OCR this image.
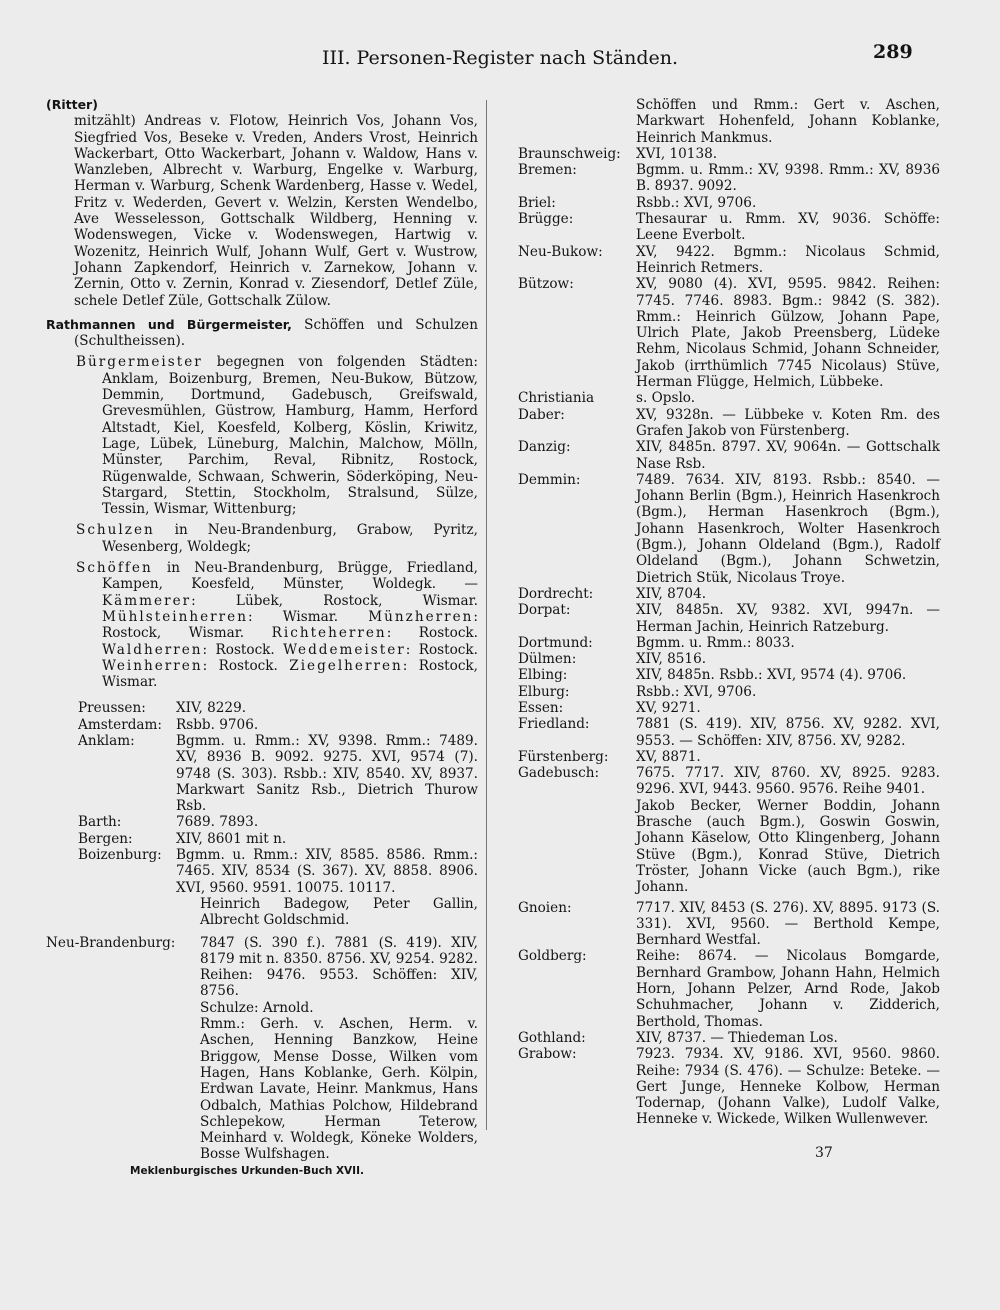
III. Personen-Register nach Ständen.	289
(Ritter)

mitzählt) Andreas v. Flotow, Heinrich Vos, Johann Vos, Siegfried Vos, Beseke v. Vreden, Anders Vrost, Heinrich Wackerbart, Otto Wackerbart, Johann v. Waldow, Hans v. Wanzleben, Albrecht v. Warburg, Engelke v. Warburg, Herman v. Warburg, Schenk Wardenberg, Hasse v. Wedel, Fritz v. Wederden, Gevert v. Welzin, Kersten Wendelbo, Ave Wesselesson, Gottschalk Wildberg, Henning v. Wodenswegen, Vicke v. Wodenswegen, Hartwig v. Wozenitz, Heinrich Wulf, Johann Wulf, Gert v. Wustrow, Johann Zapkendorf, Heinrich v. Zarnekow, Johann v. Zernin, Otto v. Zernin, Konrad v. Ziesendorf, Detlef Züle, schele Detlef Züle, Gottschalk Zülow.

Rathmannen und Bürgermeister, Schöffen und Schulzen (Schultheissen).

Bürgermeister begegnen von folgenden Städten: Anklam, Boizenburg, Bremen, Neu-Bukow, Bützow, Demmin, Dortmund, Gadebusch, Greifswald, Grevesmühlen, Güstrow, Hamburg, Hamm, Herford Altstadt, Kiel, Koesfeld, Kolberg, Köslin, Kriwitz, Lage, Lübek, Lüneburg, Malchin, Malchow, Mölln, Münster, Parchim, Reval, Ribnitz, Rostock, Rügenwalde, Schwaan, Schwerin, Söderköping, Neu-Stargard, Stettin, Stockholm, Stralsund, Sülze, Tessin, Wismar, Wittenburg;

Schulzen in Neu-Brandenburg, Grabow, Pyritz, Wesenberg, Woldegk;

Schöffen in Neu-Brandenburg, Brügge, Friedland, Kampen, Koesfeld, Münster, Woldegk. — Kämmerer: Lübek, Rostock, Wismar. Mühlsteinherren: Wismar. Münzherren: Rostock, Wismar. Richteherren: Rostock. Waldherren: Rostock. Weddemeister: Rostock. Weinherren: Rostock. Ziegelherren: Rostock, Wismar.

Preussen:	XIV, 8229.
Amsterdam:	Rsbb. 9706.
Anklam:	Bgmm. u. Rmm.: XV, 9398. Rmm.: 7489. XV, 8936 B. 9092. 9275. XVI, 9574 (7). 9748 (S. 303). Rsbb.: XIV, 8540. XV, 8937. Markwart Sanitz Rsb., Dietrich Thurow Rsb.
Barth:	7689. 7893.
Bergen:	XIV, 8601 mit n.
Boizenburg:	Bgmm. u. Rmm.: XIV, 8585. 8586. Rmm.: 7465. XIV, 8534 (S. 367). XV, 8858. 8906. XVI, 9560. 9591. 10075. 10117.
Heinrich Badegow, Peter Gallin, Albrecht Goldschmid.
Neu-Brandenburg:	7847 (S. 390 f.). 7881 (S. 419). XIV, 8179 mit n. 8350. 8756. XV, 9254. 9282. Reihen: 9476. 9553. Schöffen: XIV, 8756.
Schulze: Arnold.
Rmm.: Gerh. v. Aschen, Herm. v. Aschen, Henning Banzkow, Heine Briggow, Mense Dosse, Wilken vom Hagen, Hans Koblanke, Gerh. Kölpin, Erdwan Lavate, Heinr. Mankmus, Hans Odbalch, Mathias Polchow, Hildebrand Schlepekow, Herman Teterow, Meinhard v. Woldegk, Köneke Wolders, Bosse Wulfshagen.
Schöffen und Rmm.: Gert v. Aschen, Markwart Hohenfeld, Johann Koblanke, Heinrich Mankmus.
Braunschweig:	XVI, 10138.
Bremen:	Bgmm. u. Rmm.: XV, 9398. Rmm.: XV, 8936 B. 8937. 9092.
Briel:	Rsbb.: XVI, 9706.
Brügge:	Thesaurar u. Rmm. XV, 9036. Schöffe: Leene Everbolt.
Neu-Bukow:	XV, 9422. Bgmm.: Nicolaus Schmid, Heinrich Retmers.
Bützow:	XV, 9080 (4). XVI, 9595. 9842. Reihen: 7745. 7746. 8983. Bgm.: 9842 (S. 382). Rmm.: Heinrich Gülzow, Johann Pape, Ulrich Plate, Jakob Preensberg, Lüdeke Rehm, Nicolaus Schmid, Johann Schneider, Jakob (irrthümlich 7745 Nicolaus) Stüve, Herman Flügge, Helmich, Lübbeke.
Christiania	s. Opslo.
Daber:	XV, 9328n. — Lübbeke v. Koten Rm. des Grafen Jakob von Fürstenberg.
Danzig:	XIV, 8485n. 8797. XV, 9064n. — Gottschalk Nase Rsb.
Demmin:	7489. 7634. XIV, 8193. Rsbb.: 8540. — Johann Berlin (Bgm.), Heinrich Hasenkroch (Bgm.), Herman Hasenkroch (Bgm.), Johann Hasenkroch, Wolter Hasenkroch (Bgm.), Johann Oldeland (Bgm.), Radolf Oldeland (Bgm.), Johann Schwetzin, Dietrich Stük, Nicolaus Troye.
Dordrecht:	XIV, 8704.
Dorpat:	XIV, 8485n. XV, 9382. XVI, 9947n. — Herman Jachin, Heinrich Ratzeburg.
Dortmund:	Bgmm. u. Rmm.: 8033.
Dülmen:	XIV, 8516.
Elbing:	XIV, 8485n. Rsbb.: XVI, 9574 (4). 9706.
Elburg:	Rsbb.: XVI, 9706.
Essen:	XV, 9271.
Friedland:	7881 (S. 419). XIV, 8756. XV, 9282. XVI, 9553. — Schöffen: XIV, 8756. XV, 9282.
Fürstenberg:	XV, 8871.
Gadebusch:	7675. 7717. XIV, 8760. XV, 8925. 9283. 9296. XVI, 9443. 9560. 9576. Reihe 9401.
Jakob Becker, Werner Boddin, Johann Brasche (auch Bgm.), Goswin Goswin, Johann Käselow, Otto Klingenberg, Johann Stüve (Bgm.), Konrad Stüve, Dietrich Tröster, Johann Vicke (auch Bgm.), rike Johann.
Gnoien:	7717. XIV, 8453 (S. 276). XV, 8895. 9173 (S. 331). XVI, 9560. — Berthold Kempe, Bernhard Westfal.
Goldberg:	Reihe: 8674. — Nicolaus Bomgarde, Bernhard Grambow, Johann Hahn, Helmich Horn, Johann Pelzer, Arnd Rode, Jakob Schuhmacher, Johann v. Zidderich, Berthold, Thomas.
Gothland:	XIV, 8737. — Thiedeman Los.
Grabow:	7923. 7934. XV, 9186. XVI, 9560. 9860. Reihe: 7934 (S. 476). — Schulze: Beteke. — Gert Junge, Henneke Kolbow, Herman Todernap, (Johann Valke), Ludolf Valke, Henneke v. Wickede, Wilken Wullenwever.
Meklenburgisches Urkunden-Buch XVII.
37
